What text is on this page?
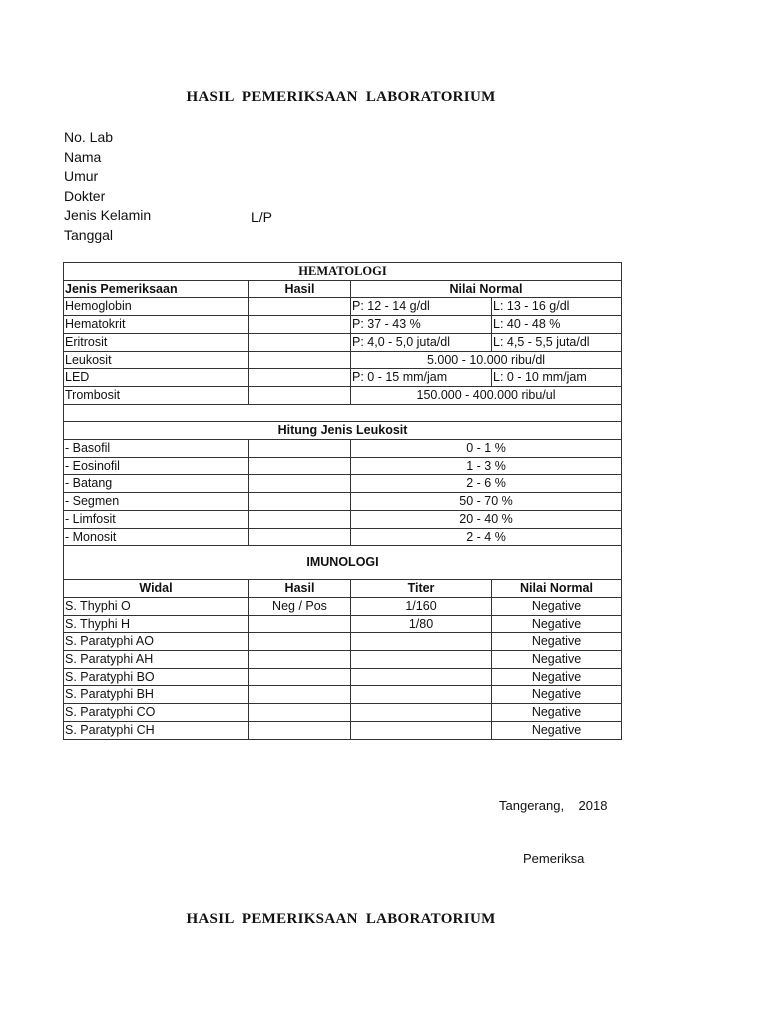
HASIL  PEMERIKSAAN  LABORATORIUM
No. Lab
Nama
Umur
Dokter
Jenis Kelamin	L/P
Tanggal
HEMATOLOGI			
Jenis Pemeriksaan	Hasil	Nilai Normal	
Hemoglobin		P: 12 - 14 g/dl	L: 13 - 16 g/dl
Hematokrit		P: 37 - 43 %	L: 40 - 48 %
Eritrosit		P: 4,0 - 5,0 juta/dl	L: 4,5 - 5,5 juta/dl
Leukosit		5.000 - 10.000 ribu/dl	
LED		P: 0 - 15 mm/jam	L: 0 - 10 mm/jam
Trombosit		150.000 - 400.000 ribu/ul	

Hitung Jenis Leukosit			
- Basofil		0 - 1 %	
- Eosinofil		1 - 3 %	
- Batang		2 - 6 %	
- Segmen		50 - 70 %	
- Limfosit		20 - 40 %	
- Monosit		2 - 4 %	
IMUNOLOGI			
Widal	Hasil	Titer	Nilai Normal
S. Thyphi O	Neg / Pos	1/160	Negative
S. Thyphi H		1/80	Negative
S. Paratyphi AO			Negative
S. Paratyphi AH			Negative
S. Paratyphi BO			Negative
S. Paratyphi BH			Negative
S. Paratyphi CO			Negative
S. Paratyphi CH			Negative
Tangerang,    2018
Pemeriksa
HASIL  PEMERIKSAAN  LABORATORIUM
